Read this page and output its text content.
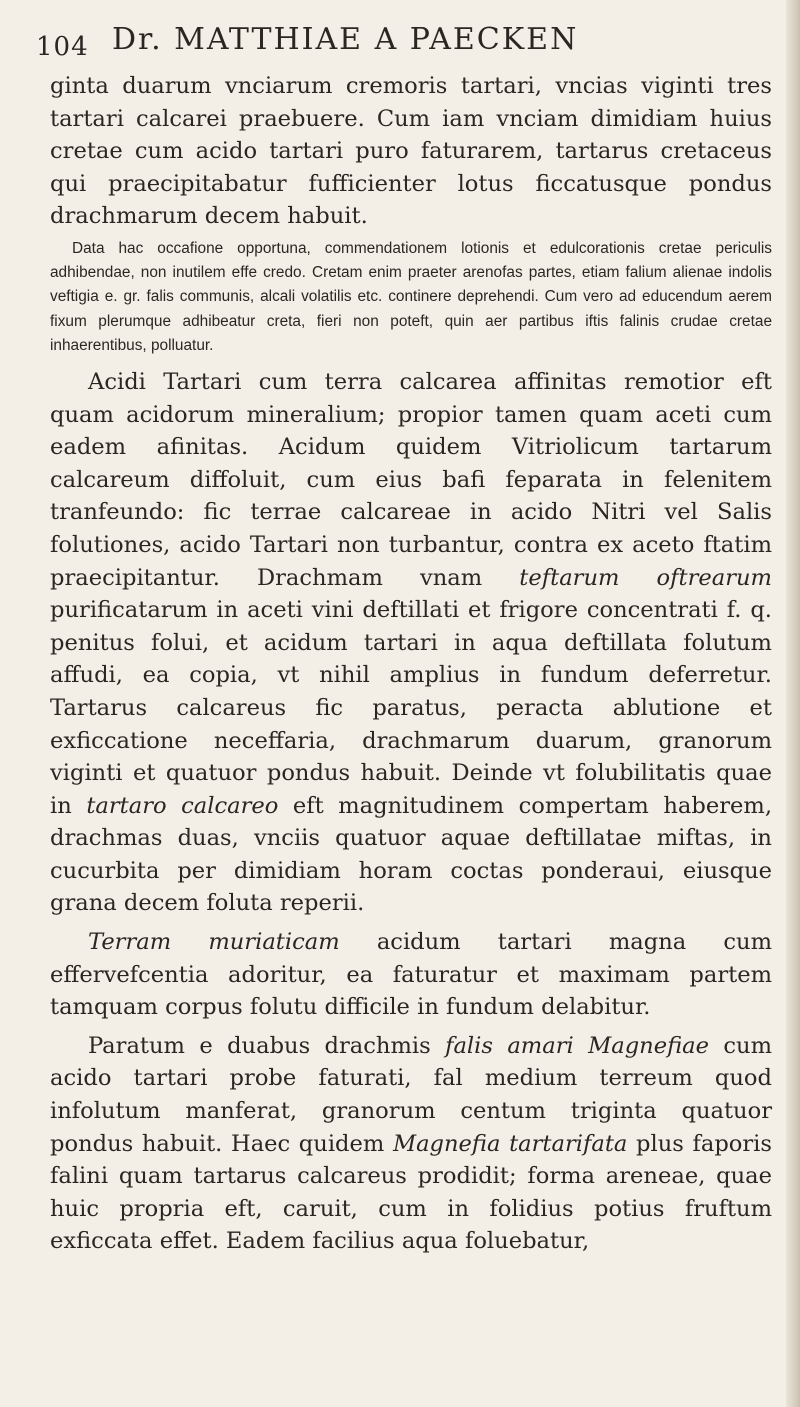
104 Dr. MATTHIAE A PAECKEN

ginta duarum vnciarum cremoris tartari, vncias viginti tres tartari calcarei praebuere. Cum iam vnciam dimidiam huius cretae cum acido tartari puro faturarem, tartarus cretaceus qui praecipitabatur fufficienter lotus ficcatusque pondus drachmarum decem habuit.

Data hac occafione opportuna, commendationem lotionis et edulcorationis cretae periculis adhibendae, non inutilem effe credo. Cretam enim praeter arenofas partes, etiam falium alienae indolis veftigia e. gr. falis communis, alcali volatilis etc. continere deprehendi. Cum vero ad educendum aerem fixum plerumque adhibeatur creta, fieri non poteft, quin aer partibus iftis falinis crudae cretae inhaerentibus, polluatur.

Acidi Tartari cum terra calcarea affinitas remotior eft quam acidorum mineralium; propior tamen quam aceti cum eadem afinitas. Acidum quidem Vitriolicum tartarum calcareum diffoluit, cum eius bafi feparata in felenitem tranfeundo: fic terrae calcareae in acido Nitri vel Salis folutiones, acido Tartari non turbantur, contra ex aceto ftatim praecipitantur. Drachmam vnam teftarum oftrearum purificatarum in aceti vini deftillati et frigore concentrati f. q. penitus folui, et acidum tartari in aqua deftillata folutum affudi, ea copia, vt nihil amplius in fundum deferretur. Tartarus calcareus fic paratus, peracta ablutione et exficcatione neceffaria, drachmarum duarum, granorum viginti et quatuor pondus habuit. Deinde vt folubilitatis quae in tartaro calcareo eft magnitudinem compertam haberem, drachmas duas, vnciis quatuor aquae deftillatae miftas, in cucurbita per dimidiam horam coctas ponderaui, eiusque grana decem foluta reperii.

Terram muriaticam acidum tartari magna cum effervefcentia adoritur, ea faturatur et maximam partem tamquam corpus folutu difficile in fundum delabitur.

Paratum e duabus drachmis falis amari Magnefiae cum acido tartari probe faturati, fal medium terreum quod infolutum manferat, granorum centum triginta quatuor pondus habuit. Haec quidem Magnefia tartarifata plus faporis falini quam tartarus calcareus prodidit; forma areneae, quae huic propria eft, caruit, cum in folidius potius fruftum exficcata effet. Eadem facilius aqua foluebatur,
